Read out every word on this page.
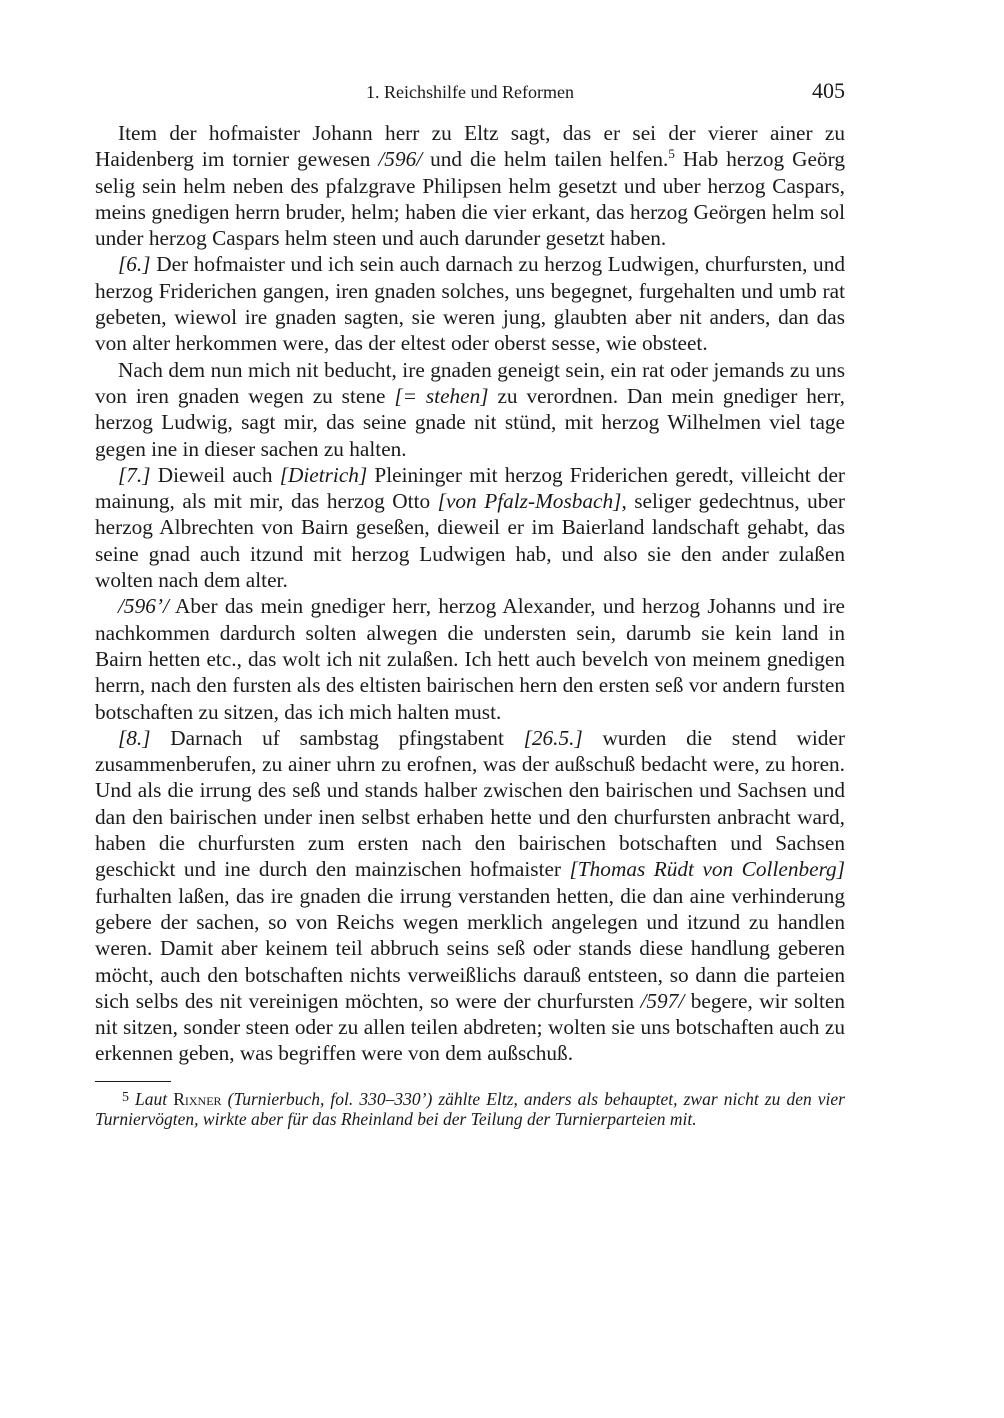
1. Reichshilfe und Reformen	405

Item der hofmaister Johann herr zu Eltz sagt, das er sei der vierer ainer zu Haidenberg im tornier gewesen /596/ und die helm tailen helfen.$^5$ Hab herzog Geörg selig sein helm neben des pfalzgrave Philipsen helm gesetzt und uber herzog Caspars, meins gnedigen herrn bruder, helm; haben die vier erkant, das herzog Geörgen helm sol under herzog Caspars helm steen und auch darunder gesetzt haben.

[6.] Der hofmaister und ich sein auch darnach zu herzog Ludwigen, churfursten, und herzog Friderichen gangen, iren gnaden solches, uns begegnet, furgehalten und umb rat gebeten, wiewol ire gnaden sagten, sie weren jung, glaubten aber nit anders, dan das von alter herkommen were, das der eltest oder oberst sesse, wie obsteet.

Nach dem nun mich nit beducht, ire gnaden geneigt sein, ein rat oder jemands zu uns von iren gnaden wegen zu stene [= stehen] zu verordnen. Dan mein gnediger herr, herzog Ludwig, sagt mir, das seine gnade nit stünd, mit herzog Wilhelmen viel tage gegen ine in dieser sachen zu halten.

[7.] Dieweil auch [Dietrich] Pleininger mit herzog Friderichen geredt, villeicht der mainung, als mit mir, das herzog Otto [von Pfalz-Mosbach], seliger gedechtnus, uber herzog Albrechten von Bairn geseßen, dieweil er im Baierland landschaft gehabt, das seine gnad auch itzund mit herzog Ludwigen hab, und also sie den ander zulaßen wolten nach dem alter.

/596’/ Aber das mein gnediger herr, herzog Alexander, und herzog Johanns und ire nachkommen dardurch solten alwegen die understen sein, darumb sie kein land in Bairn hetten etc., das wolt ich nit zulaßen. Ich hett auch bevelch von meinem gnedigen herrn, nach den fursten als des eltisten bairischen hern den ersten seß vor andern fursten botschaften zu sitzen, das ich mich halten must.

[8.] Darnach uf sambstag pfingstabent [26.5.] wurden die stend wider zusammenberufen, zu ainer uhrn zu erofnen, was der außschuß bedacht were, zu horen. Und als die irrung des seß und stands halber zwischen den bairischen und Sachsen und dan den bairischen under inen selbst erhaben hette und den churfursten anbracht ward, haben die churfursten zum ersten nach den bairischen botschaften und Sachsen geschickt und ine durch den mainzischen hofmaister [Thomas Rüdt von Collenberg] furhalten laßen, das ire gnaden die irrung verstanden hetten, die dan aine verhinderung gebere der sachen, so von Reichs wegen merklich angelegen und itzund zu handlen weren. Damit aber keinem teil abbruch seins seß oder stands diese handlung geberen möcht, auch den botschaften nichts verweißlichs darauß entsteen, so dann die parteien sich selbs des nit vereinigen möchten, so were der churfursten /597/ begere, wir solten nit sitzen, sonder steen oder zu allen teilen abdreten; wolten sie uns botschaften auch zu erkennen geben, was begriffen were von dem außschuß.

$^5$ Laut Rixner (Turnierbuch, fol. 330–330’) zählte Eltz, anders als behauptet, zwar nicht zu den vier Turniervögten, wirkte aber für das Rheinland bei der Teilung der Turnierparteien mit.
